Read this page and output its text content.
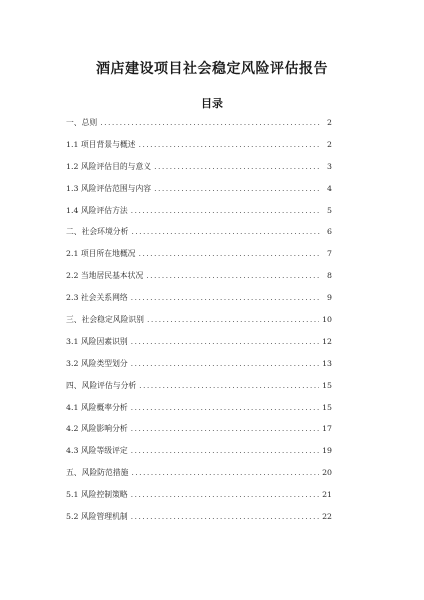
酒店建设项目社会稳定风险评估报告
目录
一、总则 .....	2
1.1 项目背景与概述 .....	2
1.2 风险评估目的与意义 .....	3
1.3 风险评估范围与内容 .....	4
1.4 风险评估方法 .....	5
二、社会环境分析 .....	6
2.1 项目所在地概况 .....	7
2.2 当地居民基本状况 .....	8
2.3 社会关系网络 .....	9
三、社会稳定风险识别 .....	10
3.1 风险因素识别 .....	12
3.2 风险类型划分 .....	13
四、风险评估与分析 .....	15
4.1 风险概率分析 .....	15
4.2 风险影响分析 .....	17
4.3 风险等级评定 .....	19
五、风险防范措施 .....	20
5.1 风险控制策略 .....	21
5.2 风险管理机制 .....	22
